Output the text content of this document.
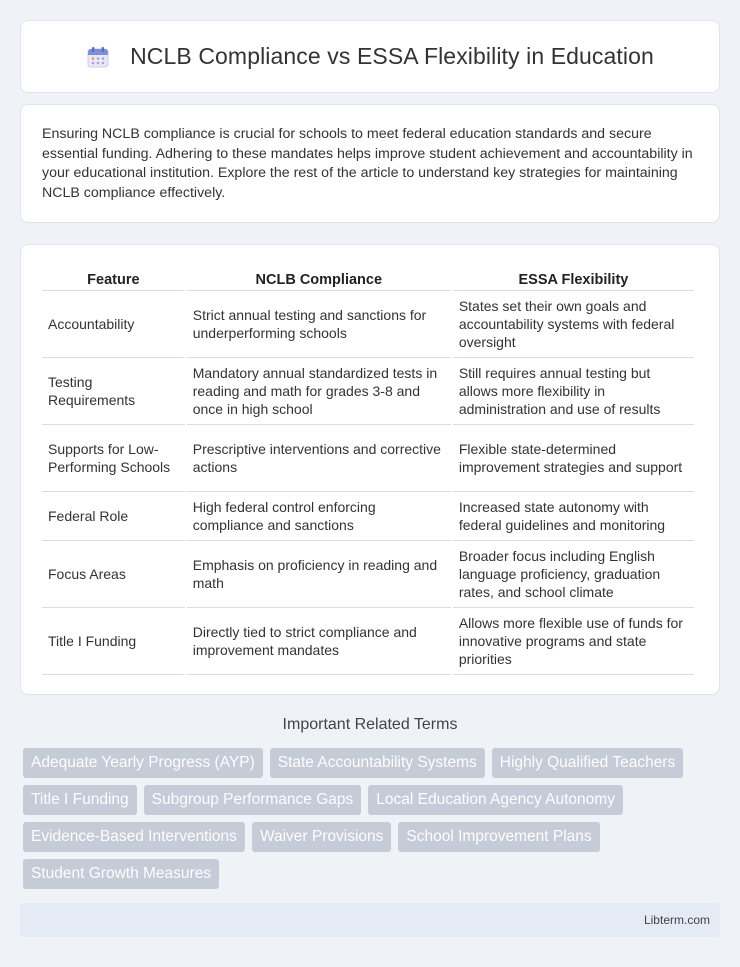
NCLB Compliance vs ESSA Flexibility in Education

Ensuring NCLB compliance is crucial for schools to meet federal education standards and secure essential funding. Adhering to these mandates helps improve student achievement and accountability in your educational institution. Explore the rest of the article to understand key strategies for maintaining NCLB compliance effectively.

Feature	NCLB Compliance	ESSA Flexibility
Accountability	Strict annual testing and sanctions for underperforming schools	States set their own goals and accountability systems with federal oversight
Testing Requirements	Mandatory annual standardized tests in reading and math for grades 3-8 and once in high school	Still requires annual testing but allows more flexibility in administration and use of results
Supports for Low-Performing Schools	Prescriptive interventions and corrective actions	Flexible state-determined improvement strategies and support
Federal Role	High federal control enforcing compliance and sanctions	Increased state autonomy with federal guidelines and monitoring
Focus Areas	Emphasis on proficiency in reading and math	Broader focus including English language proficiency, graduation rates, and school climate
Title I Funding	Directly tied to strict compliance and improvement mandates	Allows more flexible use of funds for innovative programs and state priorities
Important Related Terms
Adequate Yearly Progress (AYP)	State Accountability Systems	Highly Qualified Teachers
Title I Funding	Subgroup Performance Gaps	Local Education Agency Autonomy
Evidence-Based Interventions	Waiver Provisions	School Improvement Plans
Student Growth Measures
Libterm.com
